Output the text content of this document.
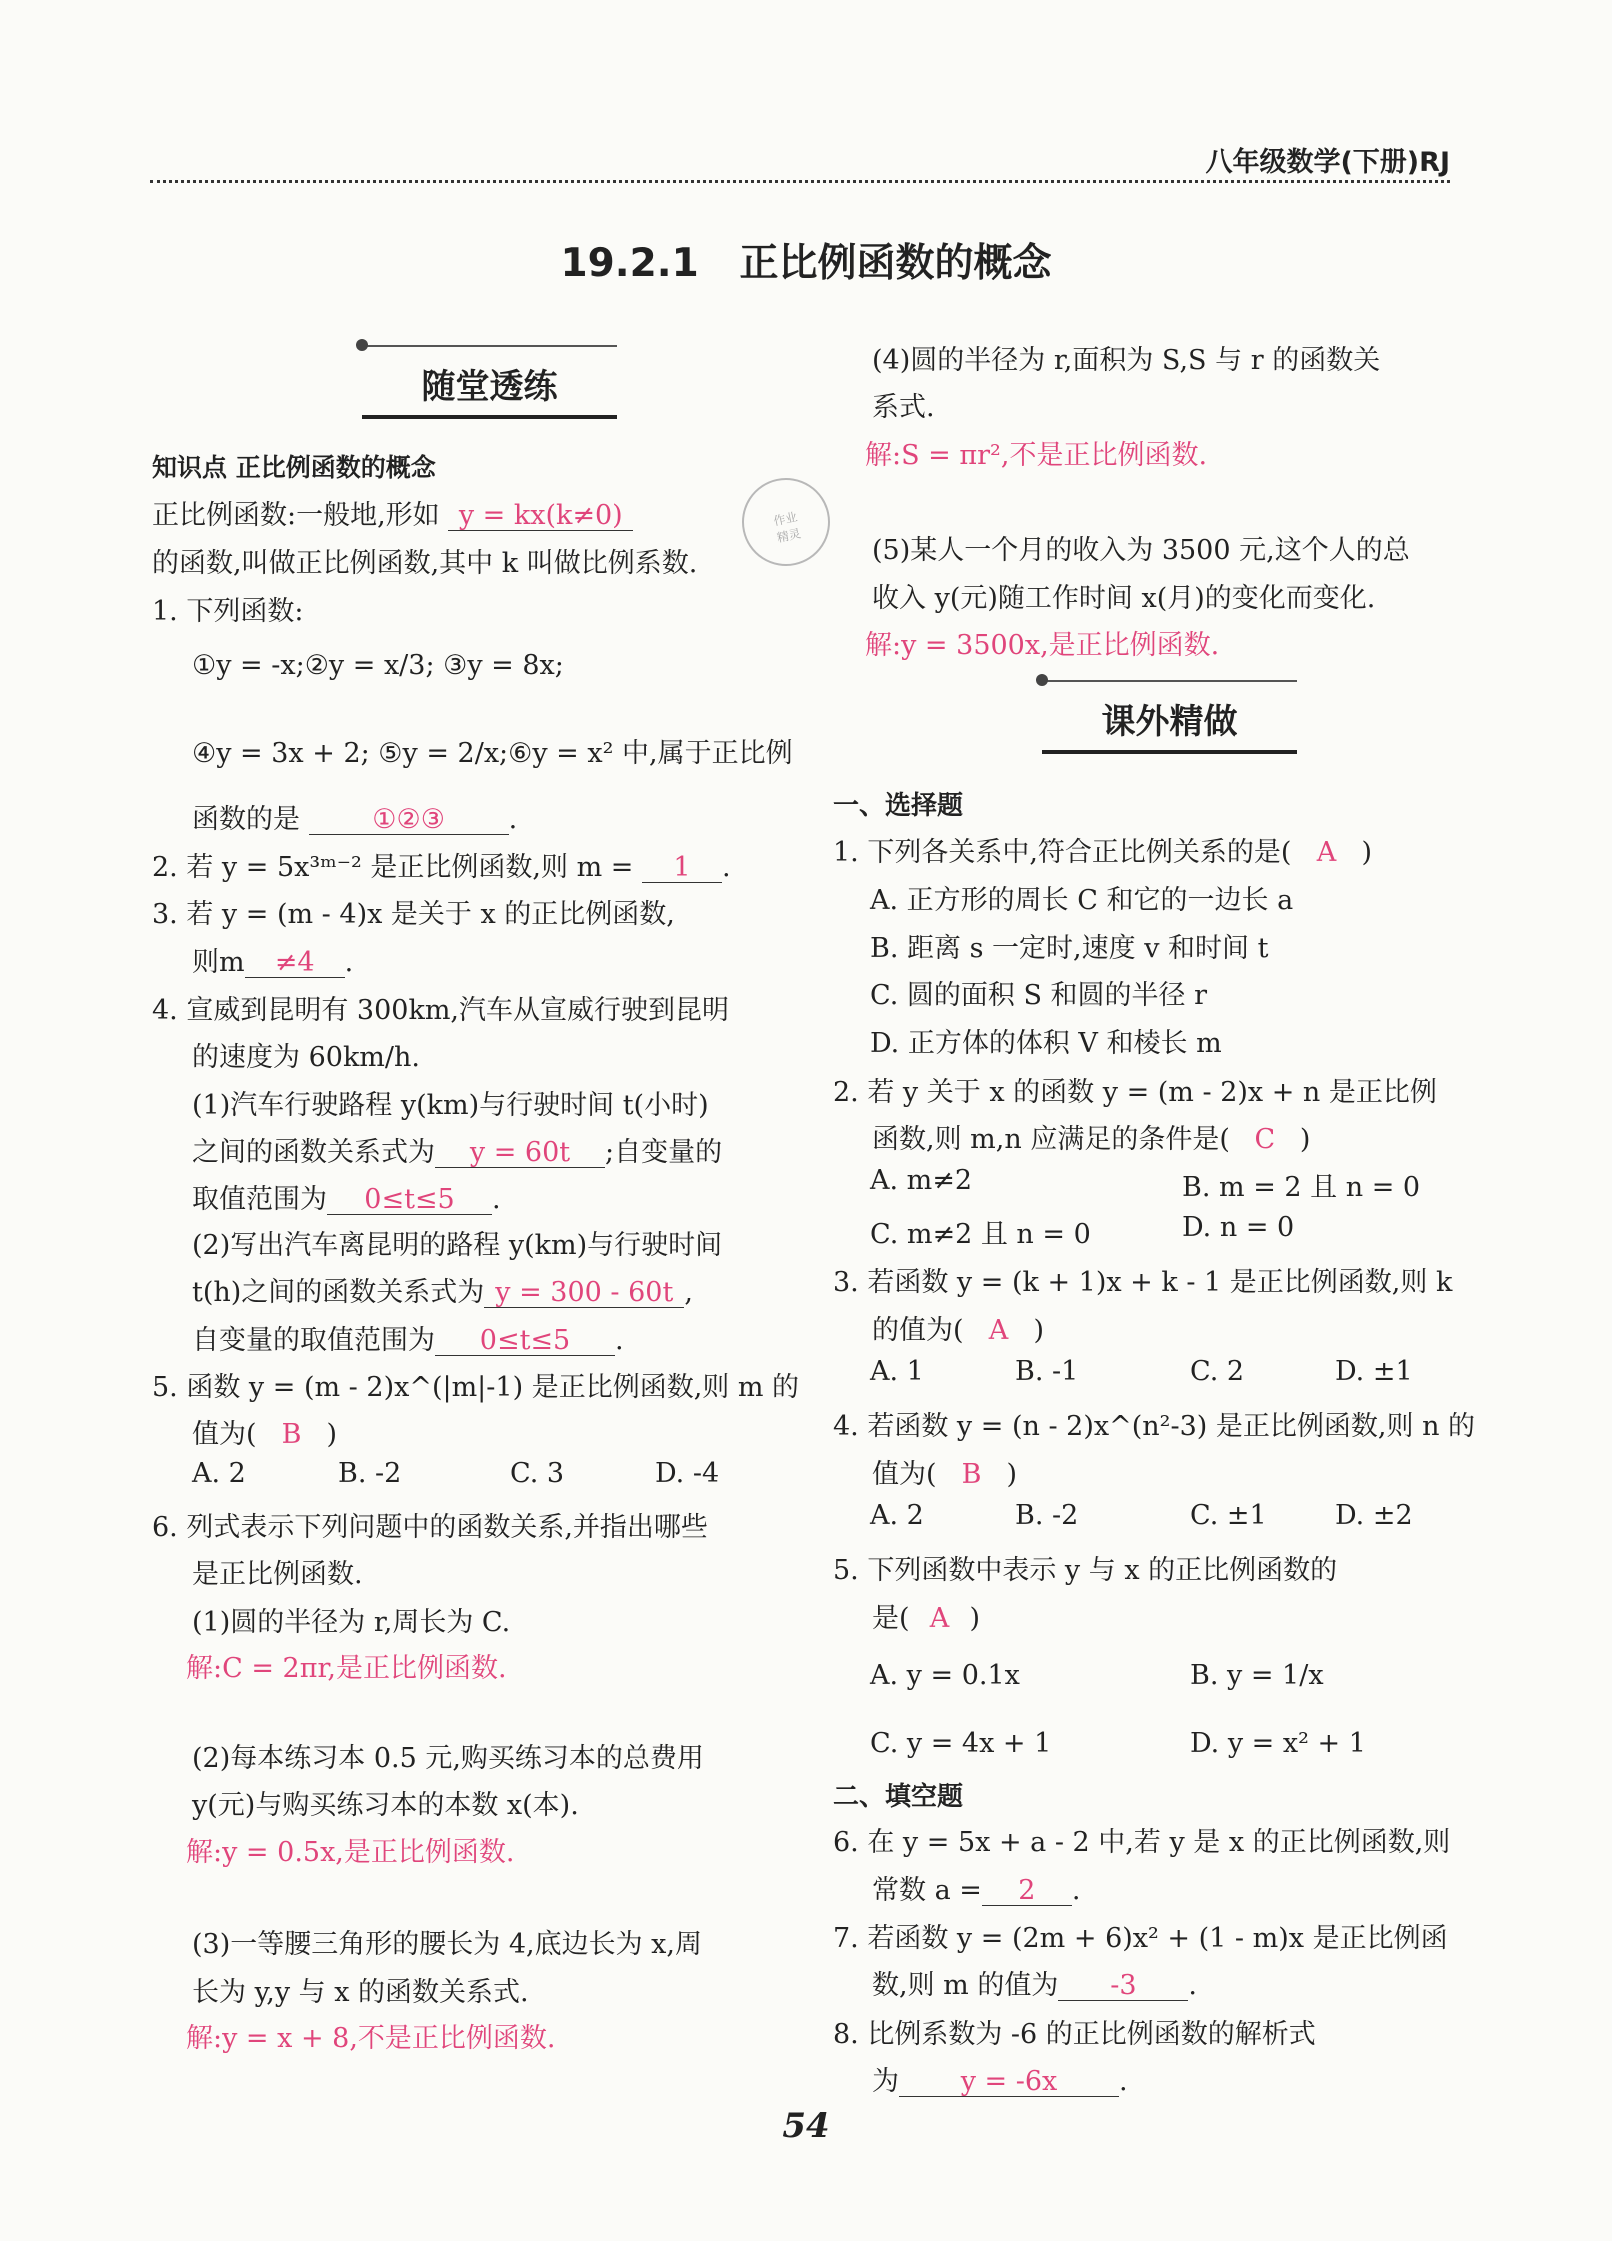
八年级数学(下册)RJ
19.2.1   正比例函数的概念
随堂透练
知识点 正比例函数的概念
正比例函数:一般地,形如 y = kx(k≠0)
的函数,叫做正比例函数,其中 k 叫做比例系数.
作业
精灵
1. 下列函数:
①y = -x;②y = x/3; ③y = 8x;
④y = 3x + 2; ⑤y = 2/x;⑥y = x² 中,属于正比例
函数的是	①②③ .
2. 若 y = 5x³ᵐ⁻² 是正比例函数,则 m = 1 .
3. 若 y = (m - 4)x 是关于 x 的正比例函数,
则m ≠4 .
4. 宣威到昆明有 300km,汽车从宣威行驶到昆明
的速度为 60km/h.
(1)汽车行驶路程 y(km)与行驶时间 t(小时)
之间的函数关系式为 y = 60t ;自变量的
取值范围为 0≤t≤5 .
(2)写出汽车离昆明的路程 y(km)与行驶时间
t(h)之间的函数关系式为 y = 300 - 60t ,
自变量的取值范围为 0≤t≤5 .
5. 函数 y = (m - 2)x^(|m|-1) 是正比例函数,则 m 的
值为( B )
A. 2	B. -2	C. 3	D. -4
6. 列式表示下列问题中的函数关系,并指出哪些
是正比例函数.
(1)圆的半径为 r,周长为 C.
解:C = 2πr,是正比例函数.
(2)每本练习本 0.5 元,购买练习本的总费用
y(元)与购买练习本的本数 x(本).
解:y = 0.5x,是正比例函数.
(3)一等腰三角形的腰长为 4,底边长为 x,周
长为 y,y 与 x 的函数关系式.
解:y = x + 8,不是正比例函数.
(4)圆的半径为 r,面积为 S,S 与 r 的函数关
系式.
解:S = πr²,不是正比例函数.
(5)某人一个月的收入为 3500 元,这个人的总
收入 y(元)随工作时间 x(月)的变化而变化.
解:y = 3500x,是正比例函数.
课外精做
一、选择题
1. 下列各关系中,符合正比例关系的是( A )
A. 正方形的周长 C 和它的一边长 a
B. 距离 s 一定时,速度 v 和时间 t
C. 圆的面积 S 和圆的半径 r
D. 正方体的体积 V 和棱长 m
2. 若 y 关于 x 的函数 y = (m - 2)x + n 是正比例
函数,则 m,n 应满足的条件是( C )
A. m≠2	B. m = 2 且 n = 0
C. m≠2 且 n = 0	D. n = 0
3. 若函数 y = (k + 1)x + k - 1 是正比例函数,则 k
的值为( A )
A. 1	B. -1	C. 2	D. ±1
4. 若函数 y = (n - 2)x^(n²-3) 是正比例函数,则 n 的
值为( B )
A. 2	B. -2	C. ±1	D. ±2
5. 下列函数中表示 y 与 x 的正比例函数的
是( A )
A. y = 0.1x	B. y = 1/x
C. y = 4x + 1	D. y = x² + 1
二、填空题
6. 在 y = 5x + a - 2 中,若 y 是 x 的正比例函数,则
常数 a = 2 .
7. 若函数 y = (2m + 6)x² + (1 - m)x 是正比例函
数,则 m 的值为 -3 .
8. 比例系数为 -6 的正比例函数的解析式
为 y = -6x .
54
